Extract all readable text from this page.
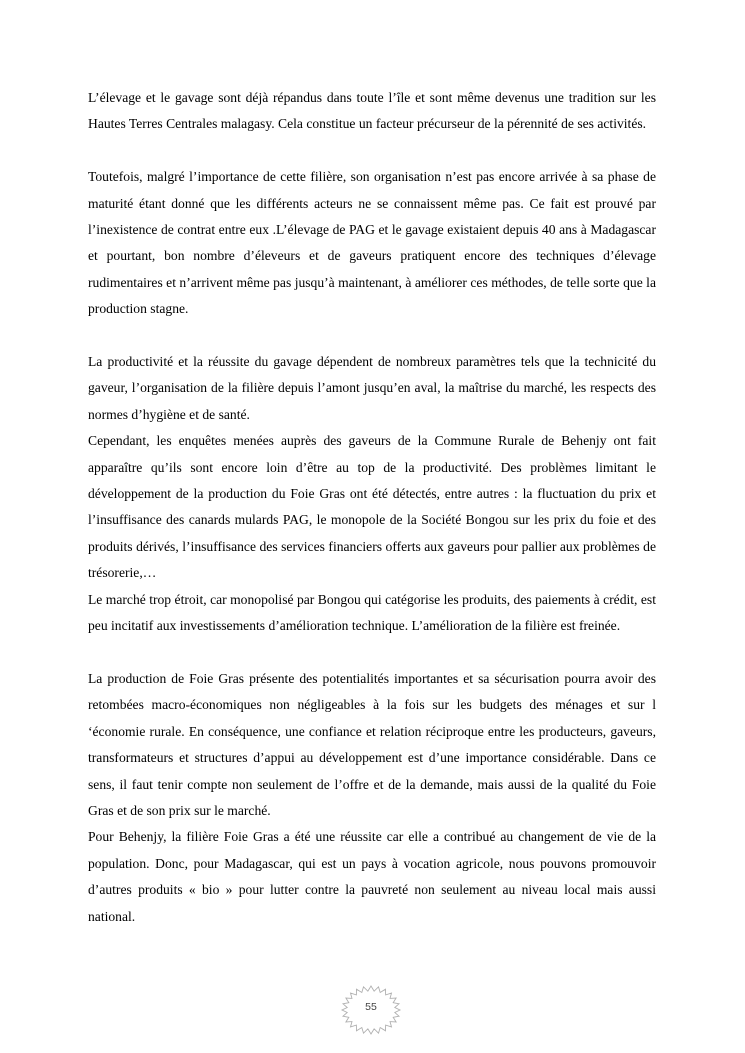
L’élevage et le gavage sont déjà répandus dans toute l’île et sont même devenus une tradition sur les Hautes Terres Centrales malagasy. Cela constitue un facteur précurseur de la pérennité de ses activités.

Toutefois, malgré l’importance de cette filière, son organisation n’est pas encore arrivée à sa phase de maturité étant donné que les différents acteurs ne se connaissent même pas. Ce fait est prouvé par l’inexistence de contrat entre eux .L’élevage de PAG et le gavage existaient depuis 40 ans à Madagascar et pourtant, bon nombre d’éleveurs et de gaveurs pratiquent encore des techniques d’élevage rudimentaires et n’arrivent même pas jusqu’à maintenant, à améliorer ces méthodes, de telle sorte que la production stagne.

La productivité et la réussite du gavage dépendent de nombreux paramètres tels que la technicité du gaveur, l’organisation de la filière depuis l’amont jusqu’en aval, la maîtrise du marché, les respects des normes d’hygiène et de santé.

Cependant, les enquêtes menées auprès des gaveurs de la Commune Rurale de Behenjy ont fait apparaître qu’ils sont encore loin d’être au top de la productivité. Des problèmes limitant le développement de la production du Foie Gras ont été détectés, entre autres : la fluctuation du prix et l’insuffisance des canards mulards PAG, le monopole de la Société Bongou sur les prix du foie et des produits dérivés, l’insuffisance des services financiers offerts aux gaveurs pour pallier aux problèmes de trésorerie,…

Le marché trop étroit, car monopolisé par Bongou qui catégorise les produits, des paiements à crédit, est peu incitatif aux investissements d’amélioration technique. L’amélioration de la filière est freinée.

La production de Foie Gras présente des potentialités importantes et sa sécurisation pourra avoir des retombées macro-économiques non négligeables à la fois sur les budgets des ménages et sur l ‘économie rurale. En conséquence, une confiance et relation réciproque entre les producteurs, gaveurs, transformateurs et structures d’appui au développement est d’une importance considérable. Dans ce sens, il faut tenir compte non seulement de l’offre et de la demande, mais aussi de la qualité du Foie Gras et de son prix sur le marché.

Pour Behenjy, la filière Foie Gras a été une réussite car elle a contribué au changement de vie de la population. Donc, pour Madagascar, qui est un pays à vocation agricole, nous pouvons promouvoir d’autres produits « bio » pour lutter contre la pauvreté non seulement au niveau local mais aussi national.

55
